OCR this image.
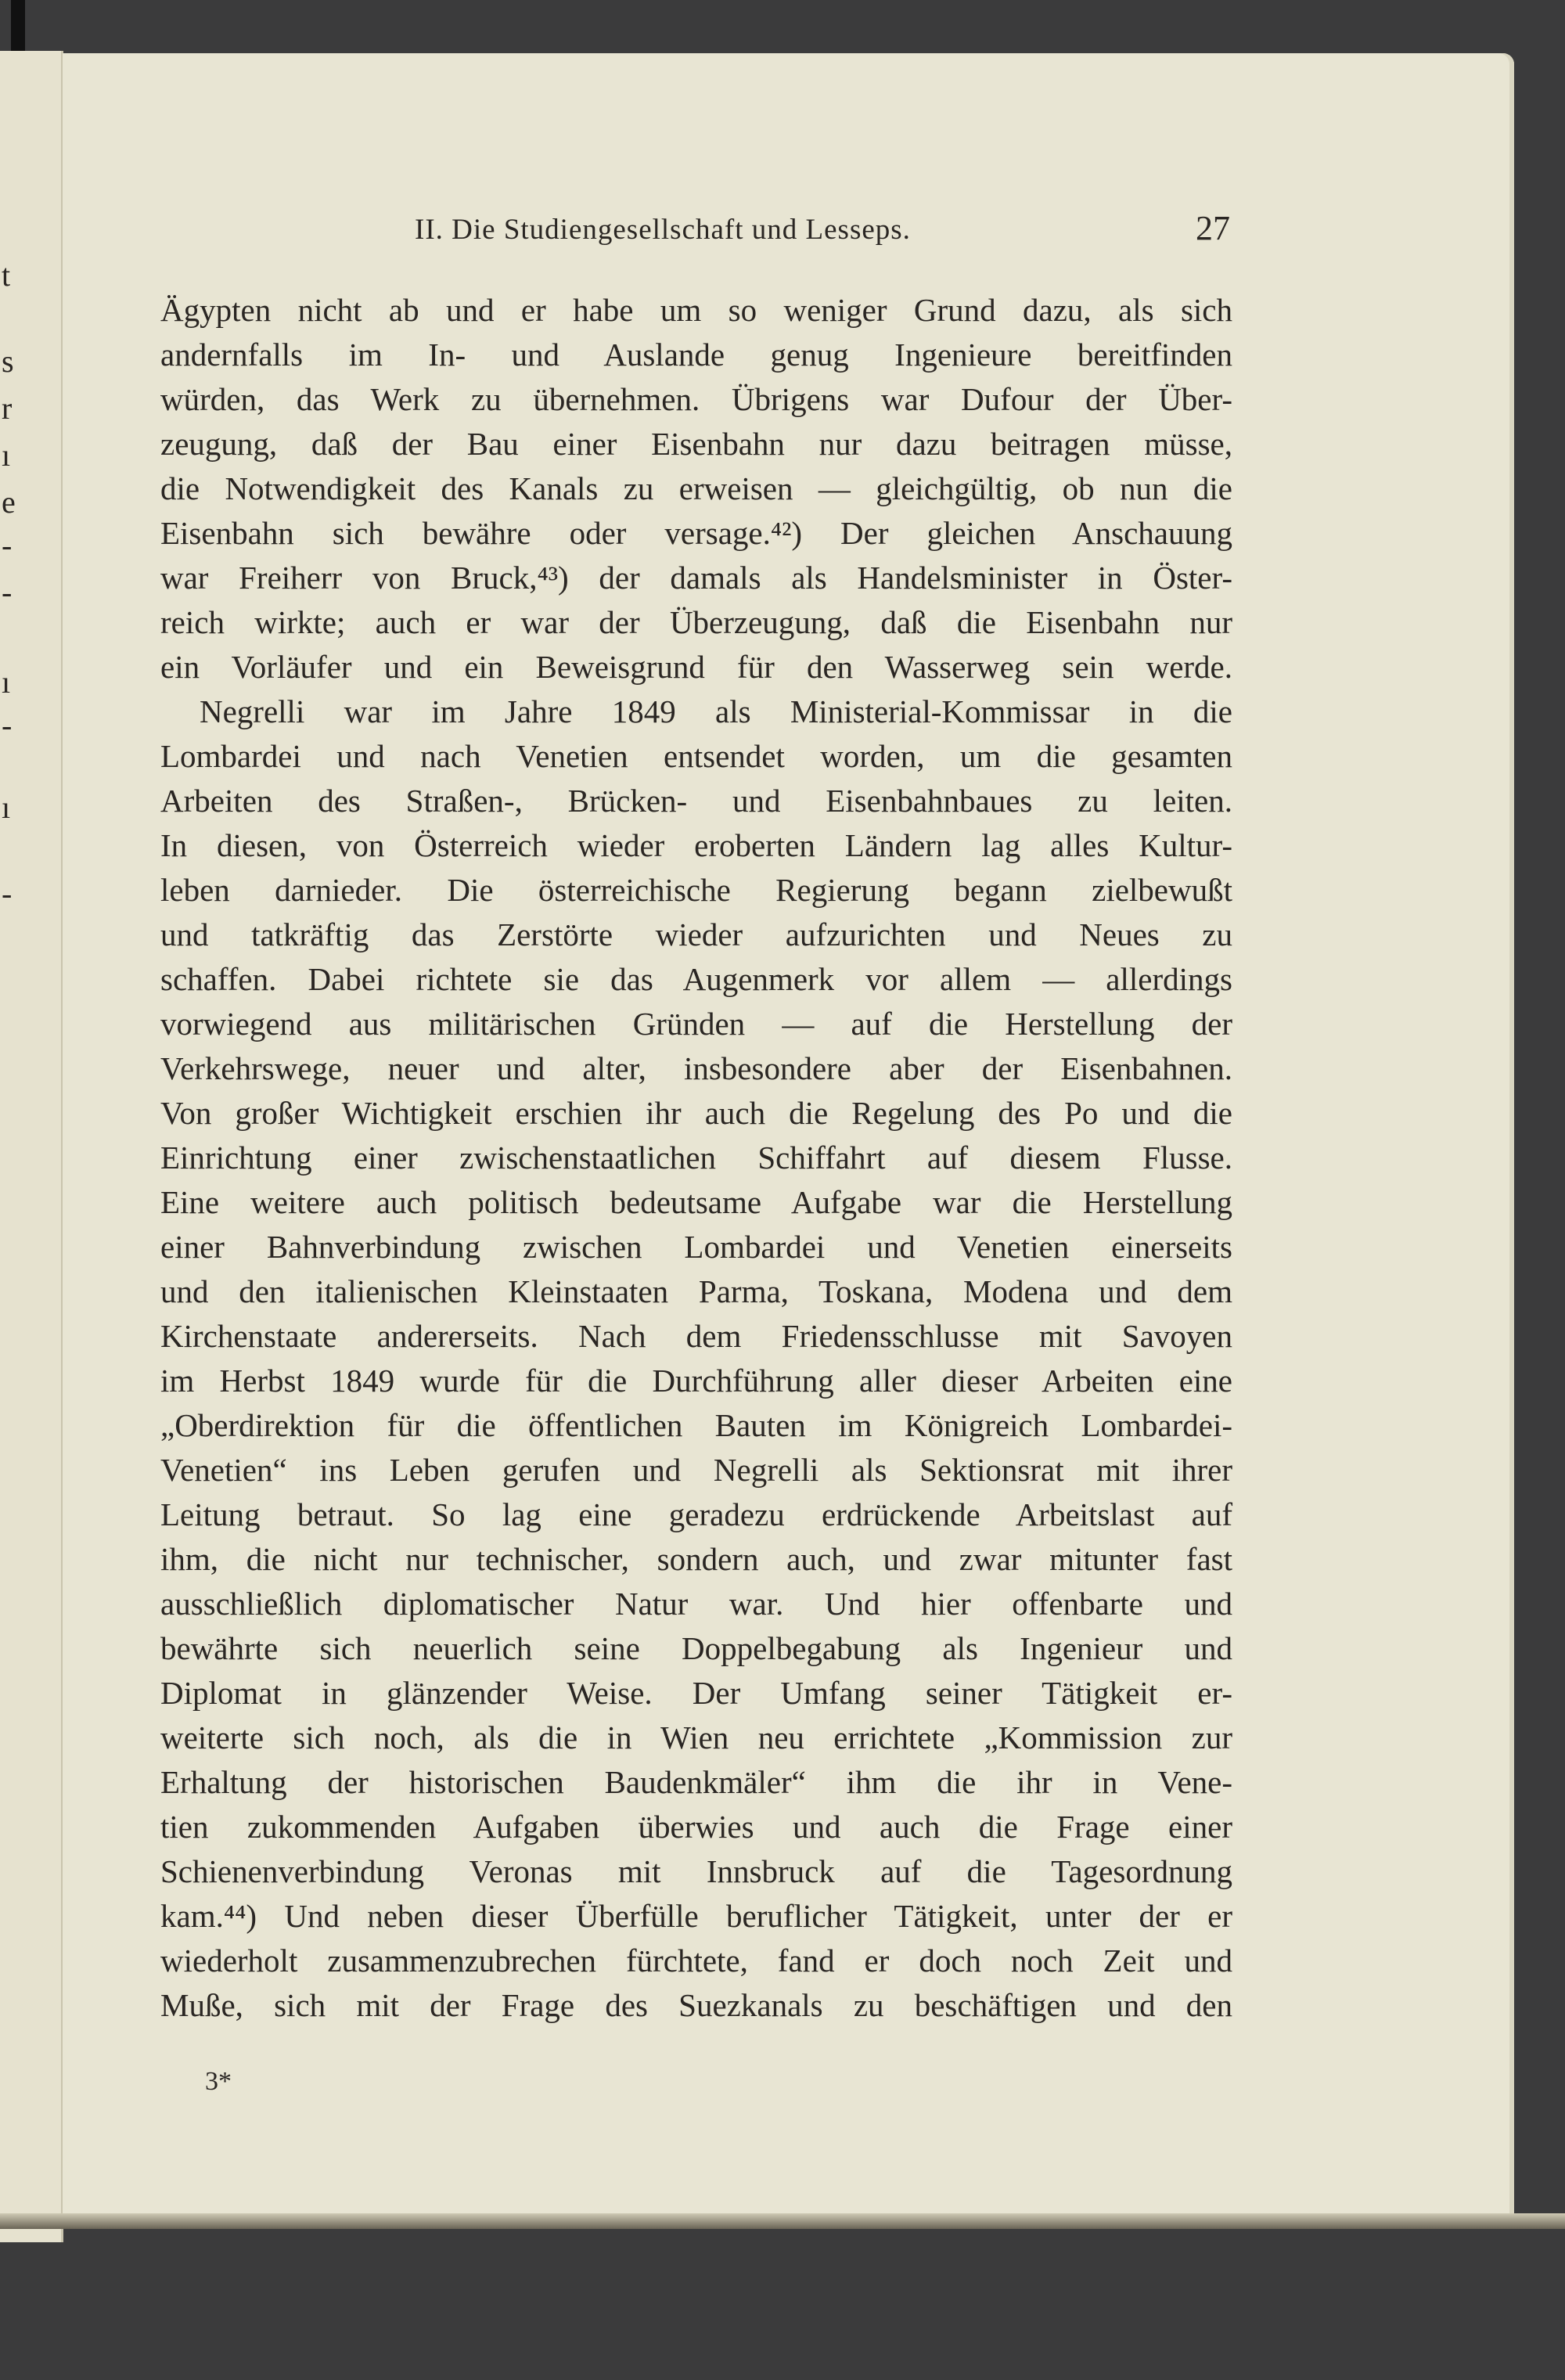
t
s
r
ı
e
-
-
ı
-
ı
-
II. Die Studiengesellschaft und Lesseps.	27
Ägypten nicht ab und er habe um so weniger Grund dazu, als sich
andernfalls im In- und Auslande genug Ingenieure bereitfinden
würden, das Werk zu übernehmen. Übrigens war Dufour der Über-
zeugung, daß der Bau einer Eisenbahn nur dazu beitragen müsse,
die Notwendigkeit des Kanals zu erweisen — gleichgültig, ob nun die
Eisenbahn sich bewähre oder versage.⁴²) Der gleichen Anschauung
war Freiherr von Bruck,⁴³) der damals als Handelsminister in Öster-
reich wirkte; auch er war der Überzeugung, daß die Eisenbahn nur
ein Vorläufer und ein Beweisgrund für den Wasserweg sein werde.
Negrelli war im Jahre 1849 als Ministerial-Kommissar in die
Lombardei und nach Venetien entsendet worden, um die gesamten
Arbeiten des Straßen-, Brücken- und Eisenbahnbaues zu leiten.
In diesen, von Österreich wieder eroberten Ländern lag alles Kultur-
leben darnieder. Die österreichische Regierung begann zielbewußt
und tatkräftig das Zerstörte wieder aufzurichten und Neues zu
schaffen. Dabei richtete sie das Augenmerk vor allem — allerdings
vorwiegend aus militärischen Gründen — auf die Herstellung der
Verkehrswege, neuer und alter, insbesondere aber der Eisenbahnen.
Von großer Wichtigkeit erschien ihr auch die Regelung des Po und die
Einrichtung einer zwischenstaatlichen Schiffahrt auf diesem Flusse.
Eine weitere auch politisch bedeutsame Aufgabe war die Herstellung
einer Bahnverbindung zwischen Lombardei und Venetien einerseits
und den italienischen Kleinstaaten Parma, Toskana, Modena und dem
Kirchenstaate andererseits. Nach dem Friedensschlusse mit Savoyen
im Herbst 1849 wurde für die Durchführung aller dieser Arbeiten eine
„Oberdirektion für die öffentlichen Bauten im Königreich Lombardei-
Venetien“ ins Leben gerufen und Negrelli als Sektionsrat mit ihrer
Leitung betraut. So lag eine geradezu erdrückende Arbeitslast auf
ihm, die nicht nur technischer, sondern auch, und zwar mitunter fast
ausschließlich diplomatischer Natur war. Und hier offenbarte und
bewährte sich neuerlich seine Doppelbegabung als Ingenieur und
Diplomat in glänzender Weise. Der Umfang seiner Tätigkeit er-
weiterte sich noch, als die in Wien neu errichtete „Kommission zur
Erhaltung der historischen Baudenkmäler“ ihm die ihr in Vene-
tien zukommenden Aufgaben überwies und auch die Frage einer
Schienenverbindung Veronas mit Innsbruck auf die Tagesordnung
kam.⁴⁴) Und neben dieser Überfülle beruflicher Tätigkeit, unter der er
wiederholt zusammenzubrechen fürchtete, fand er doch noch Zeit und
Muße, sich mit der Frage des Suezkanals zu beschäftigen und den
3*
